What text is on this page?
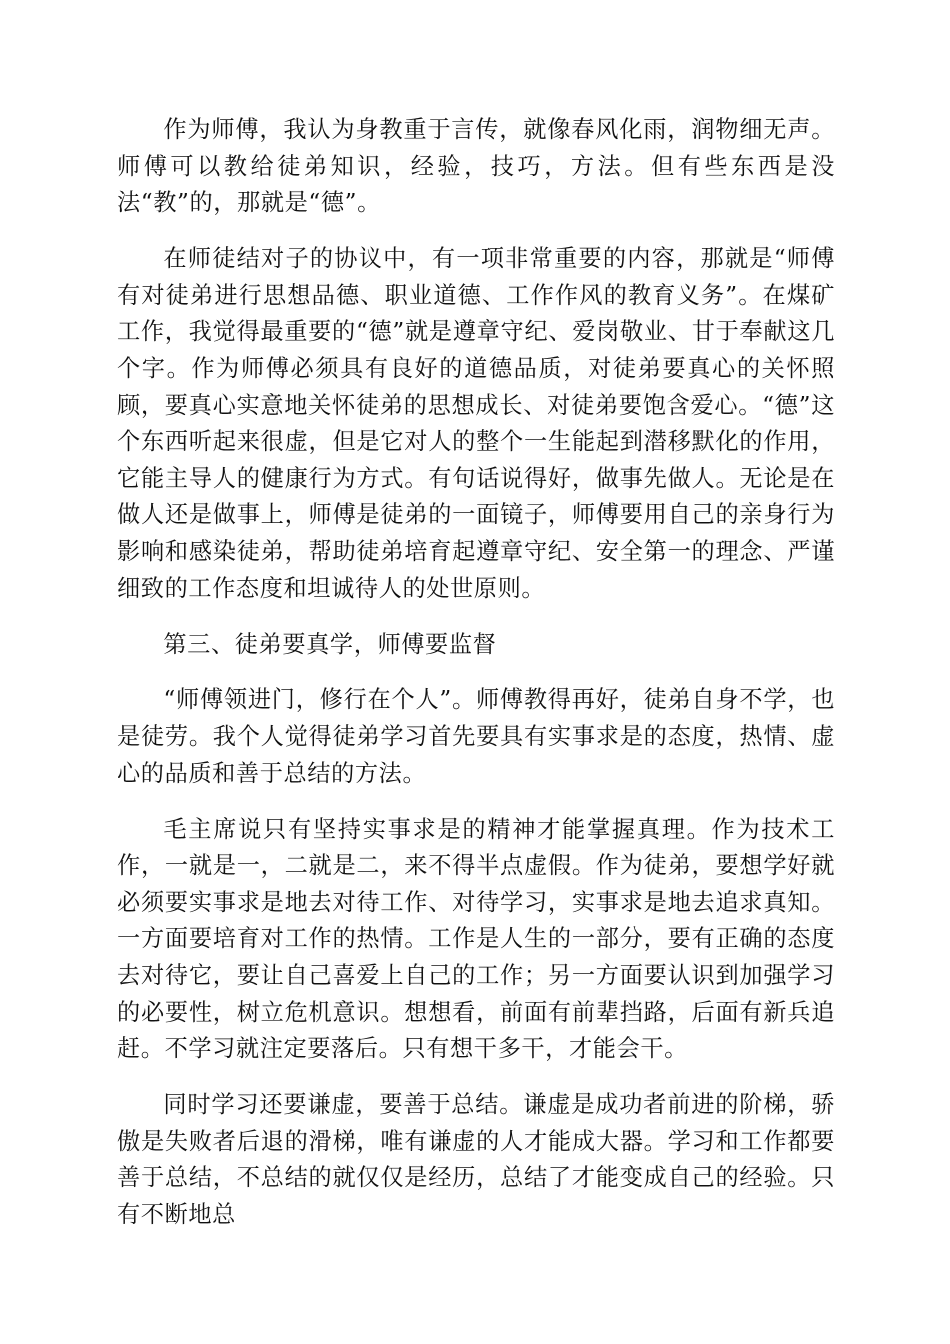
作为师傅，我认为身教重于言传，就像春风化雨，润物细无声。师傅可以教给徒弟知识，经验，技巧，方法。但有些东西是没法“教”的，那就是“德”。

在师徒结对子的协议中，有一项非常重要的内容，那就是“师傅有对徒弟进行思想品德、职业道德、工作作风的教育义务”。在煤矿工作，我觉得最重要的“德”就是遵章守纪、爱岗敬业、甘于奉献这几个字。作为师傅必须具有良好的道德品质，对徒弟要真心的关怀照顾，要真心实意地关怀徒弟的思想成长、对徒弟要饱含爱心。“德”这个东西听起来很虚，但是它对人的整个一生能起到潜移默化的作用，它能主导人的健康行为方式。有句话说得好，做事先做人。无论是在做人还是做事上，师傅是徒弟的一面镜子，师傅要用自己的亲身行为影响和感染徒弟，帮助徒弟培育起遵章守纪、安全第一的理念、严谨细致的工作态度和坦诚待人的处世原则。

第三、徒弟要真学，师傅要监督

“师傅领进门，修行在个人”。师傅教得再好，徒弟自身不学，也是徒劳。我个人觉得徒弟学习首先要具有实事求是的态度，热情、虚心的品质和善于总结的方法。

毛主席说只有坚持实事求是的精神才能掌握真理。作为技术工作，一就是一，二就是二，来不得半点虚假。作为徒弟，要想学好就必须要实事求是地去对待工作、对待学习，实事求是地去追求真知。一方面要培育对工作的热情。工作是人生的一部分，要有正确的态度去对待它，要让自己喜爱上自己的工作；另一方面要认识到加强学习的必要性，树立危机意识。想想看，前面有前辈挡路，后面有新兵追赶。不学习就注定要落后。只有想干多干，才能会干。

同时学习还要谦虚，要善于总结。谦虚是成功者前进的阶梯，骄傲是失败者后退的滑梯，唯有谦虚的人才能成大器。学习和工作都要善于总结，不总结的就仅仅是经历，总结了才能变成自己的经验。只有不断地总
